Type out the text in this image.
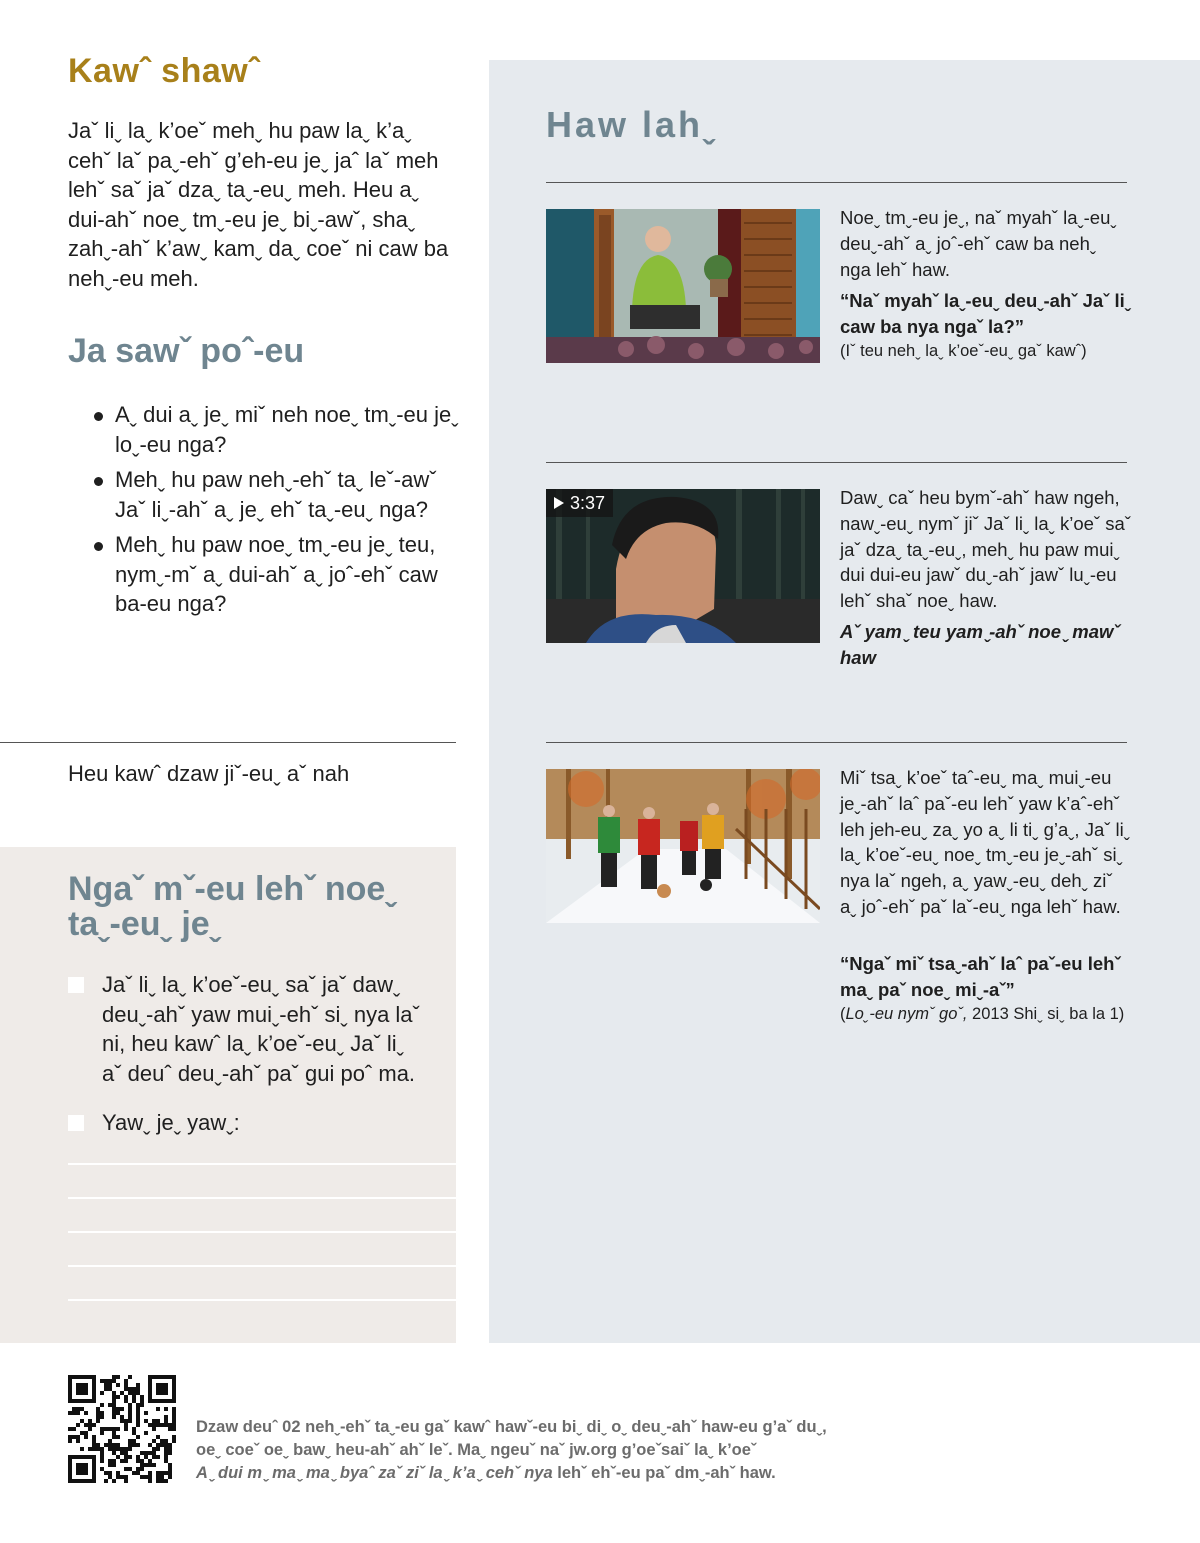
Kawˆ shawˆ

Jaˇ liˬ laˬ k’oeˇ mehˬ hu paw laˬ k’aˬ cehˇ laˇ paˬ-ehˇ g’eh-eu jeˬ jaˆ laˇ meh lehˇ saˇ jaˇ dzaˬ taˬ-euˬ meh. Heu aˬ dui-ahˇ noeˬ tmˬ-eu jeˬ biˬ-awˇ, shaˬ zahˬ-ahˇ k’awˬ kamˬ daˬ coeˇ ni caw ba nehˬ-eu meh.

Ja sawˇ poˆ-eu
Aˬ dui aˬ jeˬ miˇ neh noeˬ tmˬ-eu jeˬ loˬ-eu nga?
Mehˬ hu paw nehˬ-ehˇ taˬ leˇ-awˇ Jaˇ liˬ-ahˇ aˬ jeˬ ehˇ taˬ-euˬ nga?
Mehˬ hu paw noeˬ tmˬ-eu jeˬ teu, nymˬ-mˇ aˬ dui-ahˇ aˬ joˆ-ehˇ caw ba-eu nga?

Heu kawˆ dzaw jiˇ-euˬ aˇ nah

Ngaˇ mˇ-eu lehˇ noeˬ taˬ-euˬ jeˬ
Jaˇ liˬ laˬ k’oeˇ-euˬ saˇ jaˇ dawˬ deuˬ-ahˇ yaw muiˬ-ehˇ siˬ nya laˇ ni, heu kawˆ laˬ k’oeˇ-euˬ Jaˇ liˬ aˇ deuˆ deuˬ-ahˇ paˇ gui poˆ ma.
Yawˬ jeˬ yawˬ:
Haw lahˬ

Noeˬ tmˬ-eu jeˬ, naˇ myahˇ laˬ-euˬ deuˬ-ahˇ aˬ joˆ-ehˇ caw ba nehˬ nga lehˇ haw.

“Naˇ myahˇ laˬ-euˬ deuˬ-ahˇ Jaˇ liˬ caw ba nya ngaˇ la?”

(Iˇ teu nehˬ laˬ k’oeˇ-euˬ gaˇ kawˆ)

3:37	Dawˬ caˇ heu bymˇ-ahˇ haw ngeh, nawˬ-euˬ nymˇ jiˇ Jaˇ liˬ laˬ k’oeˇ saˇ jaˇ dzaˬ taˬ-euˬ, mehˬ hu paw muiˬ dui dui-eu jawˇ duˬ-ahˇ jawˇ luˬ-eu lehˇ shaˇ noeˬ haw.

Aˇ yamˬ teu yamˬ-ahˇ noeˬ mawˇ haw

Miˇ tsaˬ k’oeˇ taˆ-euˬ maˬ muiˬ-eu jeˬ-ahˇ laˆ paˇ-eu lehˇ yaw k’aˆ-ehˇ leh jeh-euˬ zaˬ yo aˬ li tiˬ g’aˬ, Jaˇ liˬ laˬ k’oeˇ-euˬ noeˬ tmˬ-eu jeˬ-ahˇ siˬ nya laˇ ngeh, aˬ yawˬ-euˬ dehˬ ziˇ aˬ joˆ-ehˇ paˇ laˇ-euˬ nga lehˇ haw.

“Ngaˇ miˇ tsaˬ-ahˇ laˆ paˇ-eu lehˇ maˬ paˇ noeˬ miˬ-aˇ”

(Loˬ-eu nymˇ goˇ, 2013 Shiˬ siˬ ba la 1)

Dzaw deuˆ 02 nehˬ-ehˇ taˬ-eu gaˇ kawˆ hawˇ-eu biˬ diˬ oˬ deuˬ-ahˇ haw-eu g’aˇ duˬ,
oeˬ coeˇ oeˬ bawˬ heu-ahˇ ahˇ leˇ. Maˬ ngeuˇ naˇ jw.org g’oeˇsaiˇ laˬ k’oeˇ
Aˬ dui mˬ maˬ maˬ byaˆ zaˇ ziˇ laˬ k’aˬ cehˇ nya lehˇ ehˇ-eu paˇ dmˬ-ahˇ haw.
